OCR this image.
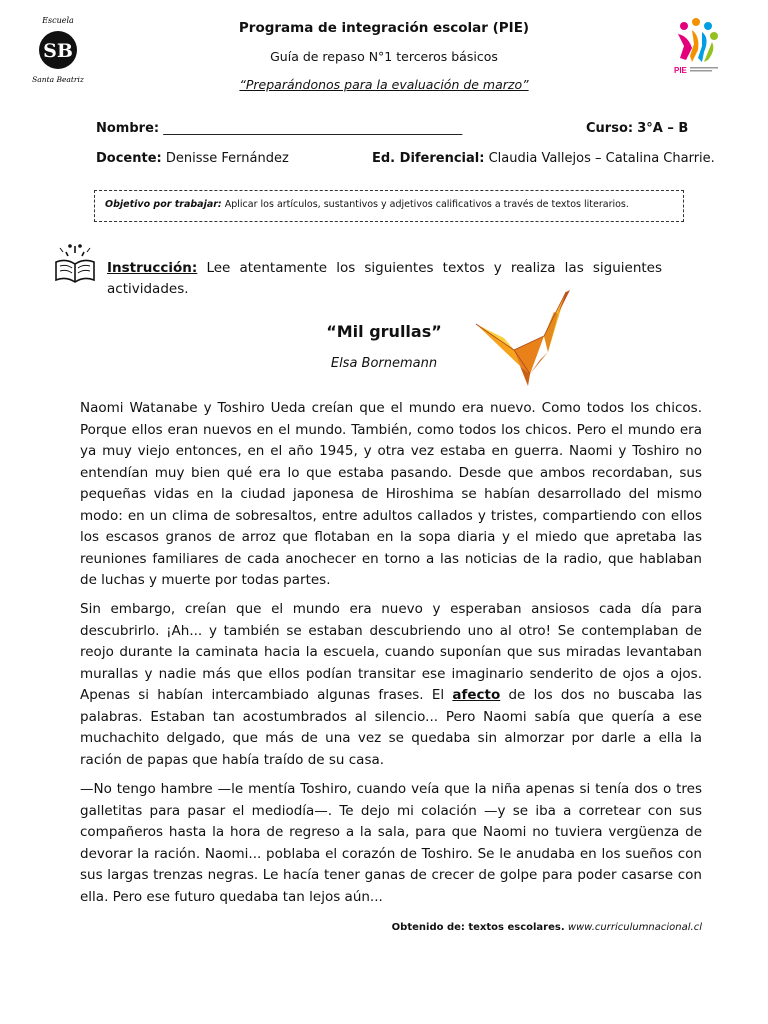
Escuela
SB
Santa Beatriz
Programa de integración escolar (PIE)
Guía de repaso N°1 terceros básicos
“Preparándonos para la evaluación de marzo”
PIE
Nombre: ______________________________________________	Curso: 3°A – B
Docente: Denisse Fernández	Ed. Diferencial: Claudia Vallejos – Catalina Charrie.
Objetivo por trabajar: Aplicar los artículos, sustantivos y adjetivos calificativos a través de textos literarios.
Instrucción: Lee atentamente los siguientes textos y realiza las siguientes actividades.
“Mil grullas”
Elsa Bornemann
Naomi Watanabe y Toshiro Ueda creían que el mundo era nuevo. Como todos los chicos. Porque ellos eran nuevos en el mundo. También, como todos los chicos. Pero el mundo era ya muy viejo entonces, en el año 1945, y otra vez estaba en guerra. Naomi y Toshiro no entendían muy bien qué era lo que estaba pasando. Desde que ambos recordaban, sus pequeñas vidas en la ciudad japonesa de Hiroshima se habían desarrollado del mismo modo: en un clima de sobresaltos, entre adultos callados y tristes, compartiendo con ellos los escasos granos de arroz que flotaban en la sopa diaria y el miedo que apretaba las reuniones familiares de cada anochecer en torno a las noticias de la radio, que hablaban de luchas y muerte por todas partes.
Sin embargo, creían que el mundo era nuevo y esperaban ansiosos cada día para descubrirlo. ¡Ah... y también se estaban descubriendo uno al otro! Se contemplaban de reojo durante la caminata hacia la escuela, cuando suponían que sus miradas levantaban murallas y nadie más que ellos podían transitar ese imaginario senderito de ojos a ojos. Apenas si habían intercambiado algunas frases. El afecto de los dos no buscaba las palabras. Estaban tan acostumbrados al silencio... Pero Naomi sabía que quería a ese muchachito delgado, que más de una vez se quedaba sin almorzar por darle a ella la ración de papas que había traído de su casa.
—No tengo hambre —le mentía Toshiro, cuando veía que la niña apenas si tenía dos o tres galletitas para pasar el mediodía—. Te dejo mi colación —y se iba a corretear con sus compañeros hasta la hora de regreso a la sala, para que Naomi no tuviera vergüenza de devorar la ración. Naomi... poblaba el corazón de Toshiro. Se le anudaba en los sueños con sus largas trenzas negras. Le hacía tener ganas de crecer de golpe para poder casarse con ella. Pero ese futuro quedaba tan lejos aún...
Obtenido de: textos escolares. www.curriculumnacional.cl
